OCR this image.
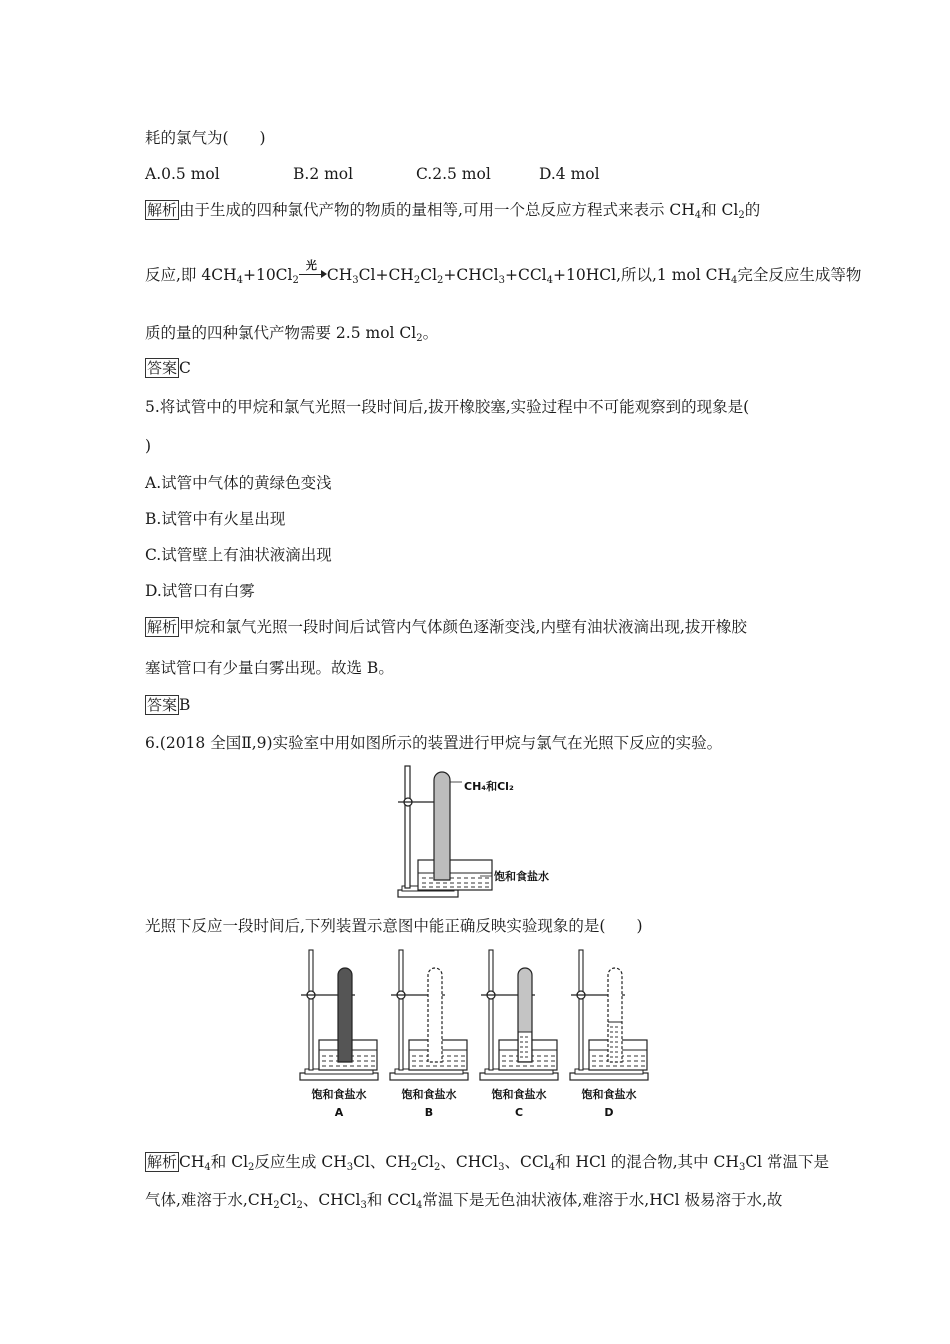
耗的氯气为(　　)
A.0.5 mol	B.2 mol	C.2.5 mol	D.4 mol
解析 由于生成的四种氯代产物的物质的量相等,可用一个总反应方程式来表示 $CH_4$和 $Cl_2$的
反应,即 $4CH_4+10Cl_2$
光
$CH_3Cl+CH_2Cl_2+CHCl_3+CCl_4+10HCl$,所以,1 mol $CH_4$完全反应生成等物
质的量的四种氯代产物需要 2.5 mol $Cl_2$。
答案 C
5.将试管中的甲烷和氯气光照一段时间后,拔开橡胶塞,实验过程中不可能观察到的现象是(
)
A.试管中气体的黄绿色变浅
B.试管中有火星出现
C.试管壁上有油状液滴出现
D.试管口有白雾
解析 甲烷和氯气光照一段时间后试管内气体颜色逐渐变浅,内壁有油状液滴出现,拔开橡胶
塞试管口有少量白雾出现。故选 B。
答案 B
6.(2018 全国Ⅱ,9)实验室中用如图所示的装置进行甲烷与氯气在光照下反应的实验。
CH₄和Cl₂
饱和食盐水
光照下反应一段时间后,下列装置示意图中能正确反映实验现象的是(　　)
饱和食盐水
A
饱和食盐水
B
饱和食盐水
C
饱和食盐水
D
解析 $CH_4$和 $Cl_2$反应生成 $CH_3Cl$、$CH_2Cl_2$、CHCl$_3$、CCl$_4$和 HCl 的混合物,其中 $CH_3Cl$ 常温下是
气体,难溶于水$,CH_2Cl_2$、CHCl$_3$和 CCl$_4$常温下是无色油状液体,难溶于水,HCl 极易溶于水,故
